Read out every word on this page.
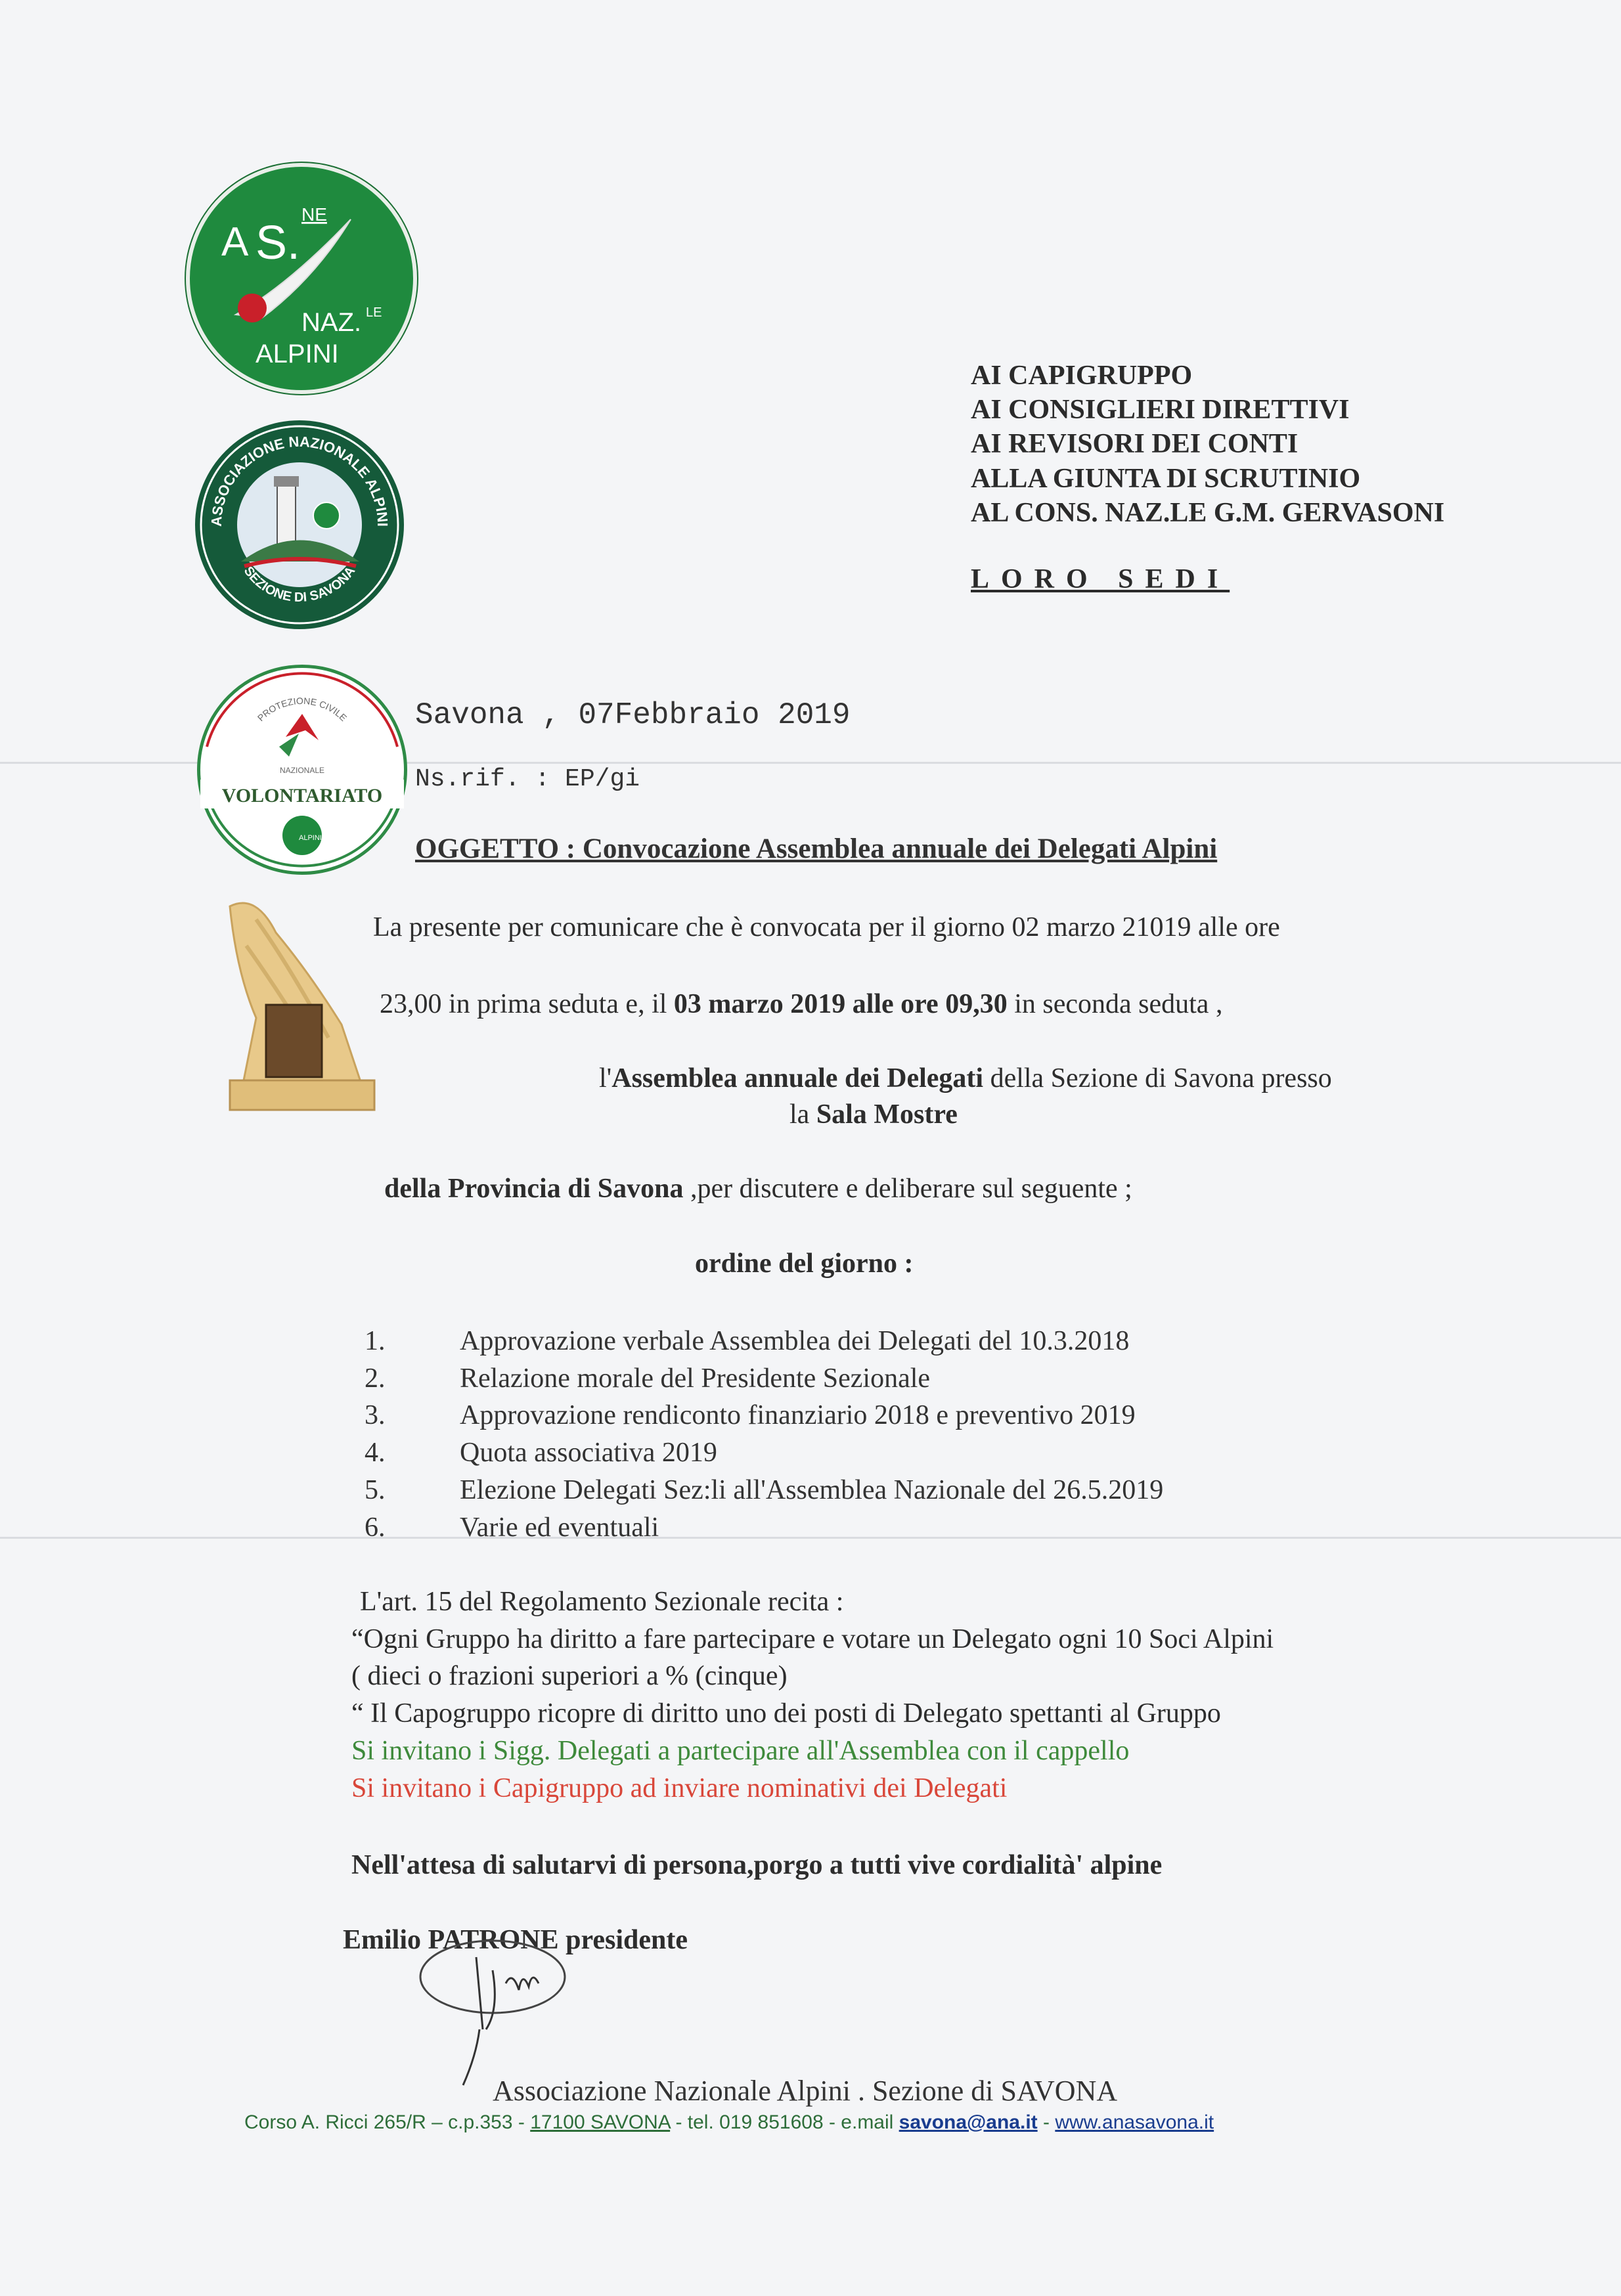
A S.
NE
NAZ. LE
ALPINI
ASSOCIAZIONE NAZIONALE ALPINI
SEZIONE DI SAVONA
PROTEZIONE CIVILE
NAZIONALE
VOLONTARIATO
ALPINI
AI CAPIGRUPPO
AI CONSIGLIERI DIRETTIVI
AI REVISORI DEI CONTI
ALLA GIUNTA DI SCRUTINIO
AL CONS. NAZ.LE G.M. GERVASONI
LORO SEDI
Savona , 07Febbraio 2019
Ns.rif. : EP/gi
OGGETTO : Convocazione Assemblea annuale dei Delegati Alpini
La presente per comunicare che è convocata per il giorno 02 marzo 21019 alle ore
23,00 in prima seduta e, il 03 marzo 2019 alle ore 09,30 in seconda seduta ,
l'Assemblea annuale dei Delegati della Sezione di Savona presso
la Sala Mostre
della Provincia di Savona ,per discutere e deliberare sul seguente ;
ordine del giorno :
1.	Approvazione verbale Assemblea dei Delegati del 10.3.2018
2.	Relazione morale del Presidente Sezionale
3.	Approvazione rendiconto finanziario 2018 e preventivo 2019
4.	Quota associativa 2019
5.	Elezione Delegati Sez:li all'Assemblea Nazionale del 26.5.2019
6.	Varie ed eventuali
L'art. 15 del Regolamento Sezionale recita :
“Ogni Gruppo ha diritto a fare partecipare e votare un Delegato ogni 10 Soci Alpini
( dieci o frazioni superiori a % (cinque)
“ Il Capogruppo ricopre di diritto uno dei posti di Delegato spettanti al Gruppo
Si invitano i Sigg. Delegati a partecipare all'Assemblea con il cappello
Si invitano i Capigruppo ad inviare nominativi dei Delegati
Nell'attesa di salutarvi di persona,porgo a tutti vive cordialità' alpine
Emilio PATRONE presidente
Associazione Nazionale Alpini . Sezione di SAVONA
Corso A. Ricci 265/R – c.p.353 - 17100 SAVONA - tel. 019 851608 - e.mail savona@ana.it - www.anasavona.it
